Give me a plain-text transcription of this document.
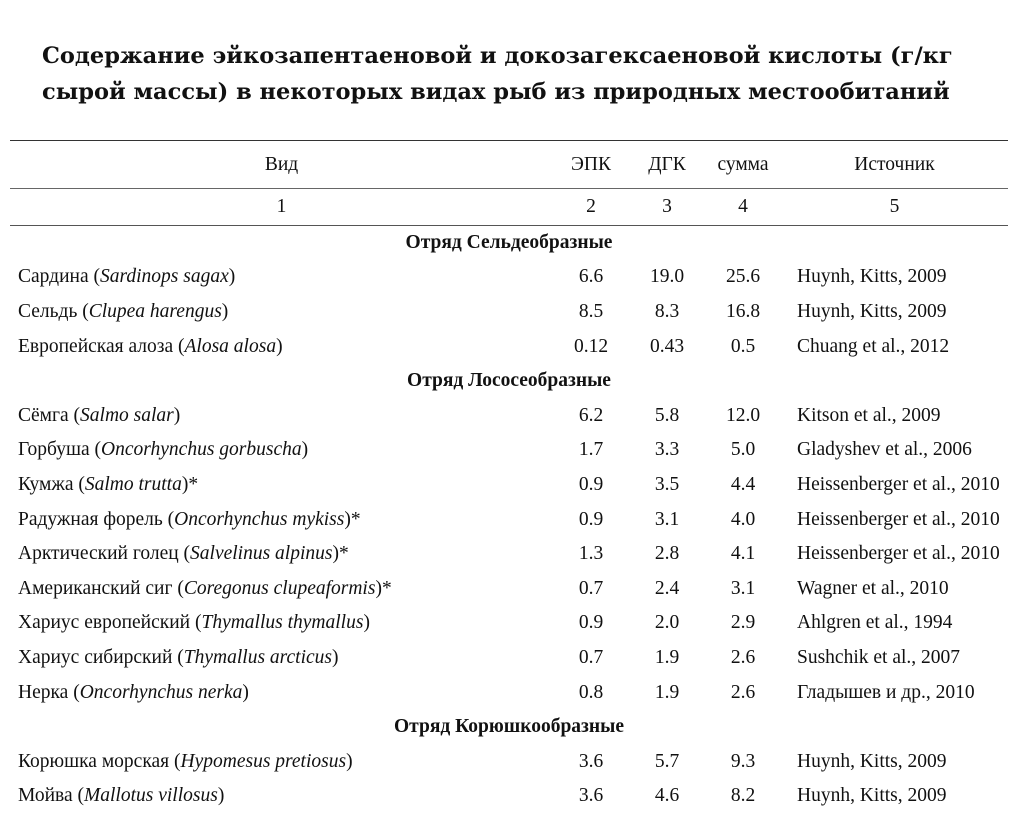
Содержание эйкозапентаеновой и докозагексаеновой кислоты (г/кг
сырой массы) в некоторых видах рыб из природных местообитаний
Вид	ЭПК	ДГК	сумма	Источник
1	2	3	4	5
Отряд Сельдеобразные				
Сардина (Sardinops sagax)	6.6	19.0	25.6	Huynh, Kitts, 2009
Сельдь (Clupea harengus)	8.5	8.3	16.8	Huynh, Kitts, 2009
Европейская алоза (Alosa alosa)	0.12	0.43	0.5	Chuang et al., 2012
Отряд Лососеобразные				
Сёмга (Salmo salar)	6.2	5.8	12.0	Kitson et al., 2009
Горбуша (Oncorhynchus gorbuscha)	1.7	3.3	5.0	Gladyshev et al., 2006
Кумжа (Salmo trutta)*	0.9	3.5	4.4	Heissenberger et al., 2010
Радужная форель (Oncorhynchus mykiss)*	0.9	3.1	4.0	Heissenberger et al., 2010
Арктический голец (Salvelinus alpinus)*	1.3	2.8	4.1	Heissenberger et al., 2010
Американский сиг (Coregonus clupeaformis)*	0.7	2.4	3.1	Wagner et al., 2010
Хариус европейский (Thymallus thymallus)	0.9	2.0	2.9	Ahlgren et al., 1994
Хариус сибирский (Thymallus arcticus)	0.7	1.9	2.6	Sushchik et al., 2007
Нерка (Oncorhynchus nerka)	0.8	1.9	2.6	Гладышев и др., 2010
Отряд Корюшкообразные				
Корюшка морская (Hypomesus pretiosus)	3.6	5.7	9.3	Huynh, Kitts, 2009
Мойва (Mallotus villosus)	3.6	4.6	8.2	Huynh, Kitts, 2009
